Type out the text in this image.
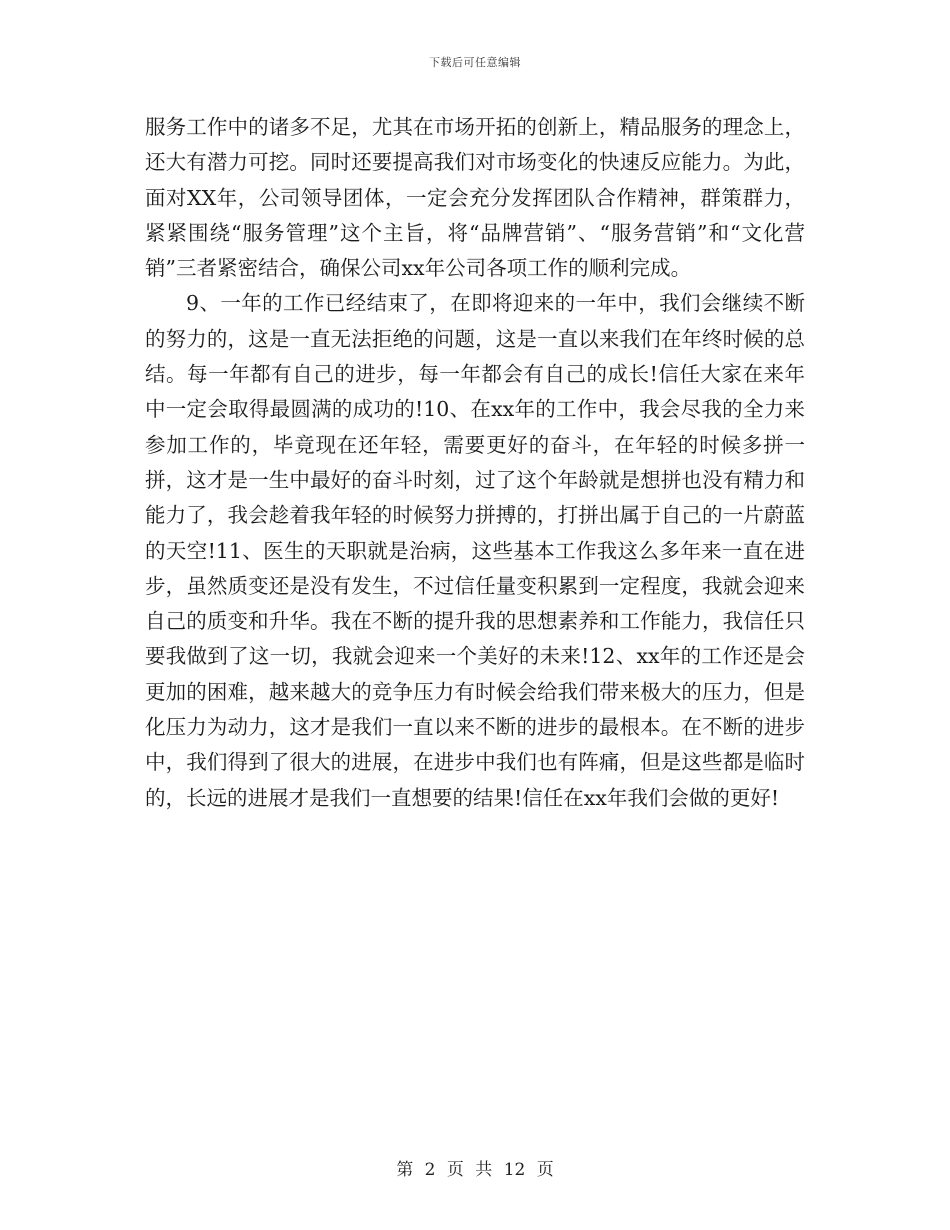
下载后可任意编辑

服务工作中的诸多不足，尤其在市场开拓的创新上，精品服务的理念上，还大有潜力可挖。同时还要提高我们对市场变化的快速反应能力。为此，面对XX年，公司领导团体，一定会充分发挥团队合作精神，群策群力，紧紧围绕“服务管理”这个主旨，将“品牌营销”、“服务营销”和“文化营销”三者紧密结合，确保公司xx年公司各项工作的顺利完成。

9、一年的工作已经结束了，在即将迎来的一年中，我们会继续不断的努力的，这是一直无法拒绝的问题，这是一直以来我们在年终时候的总结。每一年都有自己的进步，每一年都会有自己的成长!信任大家在来年中一定会取得最圆满的成功的!10、在xx年的工作中，我会尽我的全力来参加工作的，毕竟现在还年轻，需要更好的奋斗，在年轻的时候多拼一拼，这才是一生中最好的奋斗时刻，过了这个年龄就是想拼也没有精力和能力了，我会趁着我年轻的时候努力拼搏的，打拼出属于自己的一片蔚蓝的天空!11、医生的天职就是治病，这些基本工作我这么多年来一直在进步，虽然质变还是没有发生，不过信任量变积累到一定程度，我就会迎来自己的质变和升华。我在不断的提升我的思想素养和工作能力，我信任只要我做到了这一切，我就会迎来一个美好的未来!12、xx年的工作还是会更加的困难，越来越大的竞争压力有时候会给我们带来极大的压力，但是化压力为动力，这才是我们一直以来不断的进步的最根本。在不断的进步中，我们得到了很大的进展，在进步中我们也有阵痛，但是这些都是临时的，长远的进展才是我们一直想要的结果!信任在xx年我们会做的更好!

第 2 页 共 12 页
